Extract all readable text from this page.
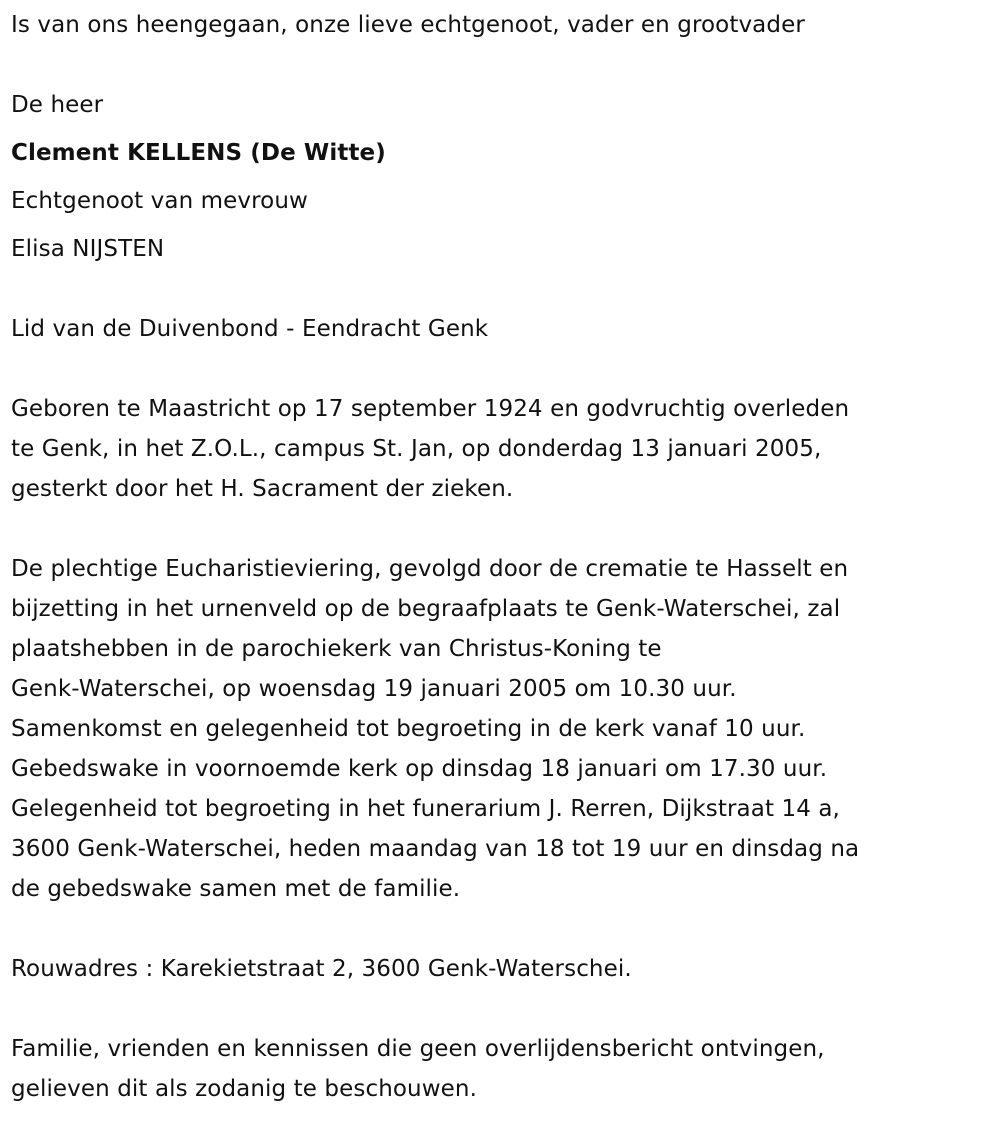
Is van ons heengegaan, onze lieve echtgenoot, vader en grootvader
De heer
Clement KELLENS (De Witte)
Echtgenoot van mevrouw
Elisa NIJSTEN
Lid van de Duivenbond - Eendracht Genk
Geboren te Maastricht op 17 september 1924 en godvruchtig overleden
te Genk, in het Z.O.L., campus St. Jan, op donderdag 13 januari 2005,
gesterkt door het H. Sacrament der zieken.
De plechtige Eucharistieviering, gevolgd door de crematie te Hasselt en
bijzetting in het urnenveld op de begraafplaats te Genk-Waterschei, zal
plaatshebben in de parochiekerk van Christus-Koning te
Genk-Waterschei, op woensdag 19 januari 2005 om 10.30 uur.
Samenkomst en gelegenheid tot begroeting in de kerk vanaf 10 uur.
Gebedswake in voornoemde kerk op dinsdag 18 januari om 17.30 uur.
Gelegenheid tot begroeting in het funerarium J. Rerren, Dijkstraat 14 a,
3600 Genk-Waterschei, heden maandag van 18 tot 19 uur en dinsdag na
de gebedswake samen met de familie.
Rouwadres : Karekietstraat 2, 3600 Genk-Waterschei.
Familie, vrienden en kennissen die geen overlijdensbericht ontvingen,
gelieven dit als zodanig te beschouwen.
